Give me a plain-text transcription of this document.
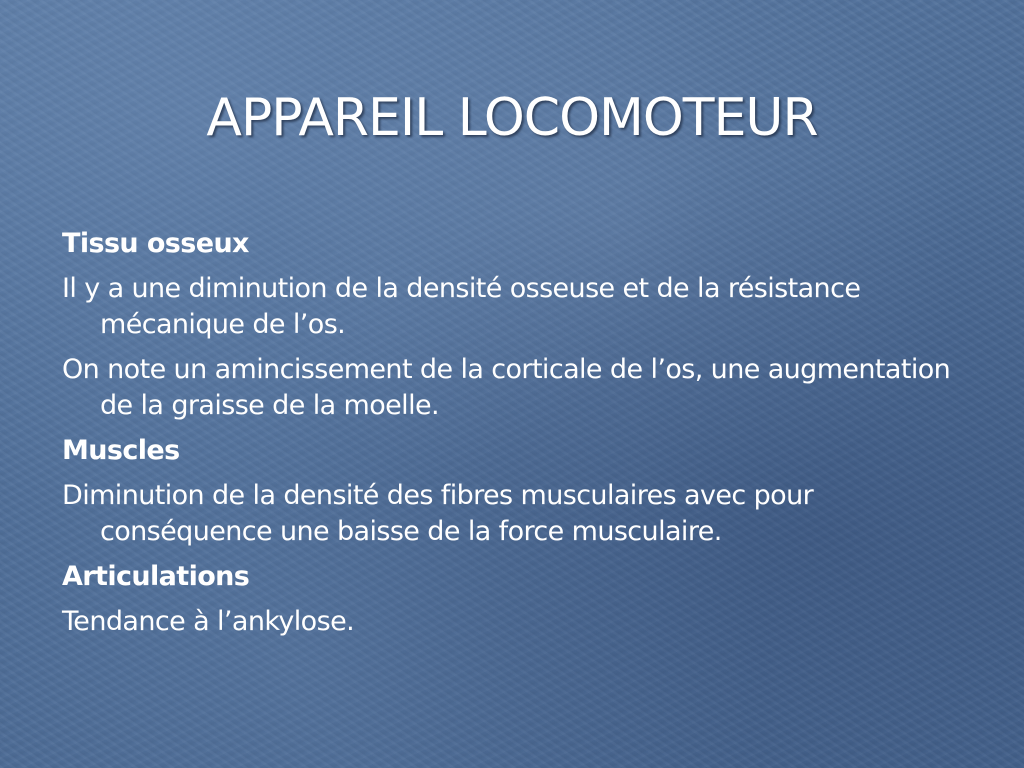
APPAREIL LOCOMOTEUR
Tissu osseux
Il y a une diminution de la densité osseuse et de la résistance mécanique de l’os.
On note un amincissement de la corticale de l’os, une augmentation de la graisse de la moelle.
Muscles
Diminution de la densité des fibres musculaires avec pour conséquence une baisse de la force musculaire.
Articulations
Tendance à l’ankylose.
